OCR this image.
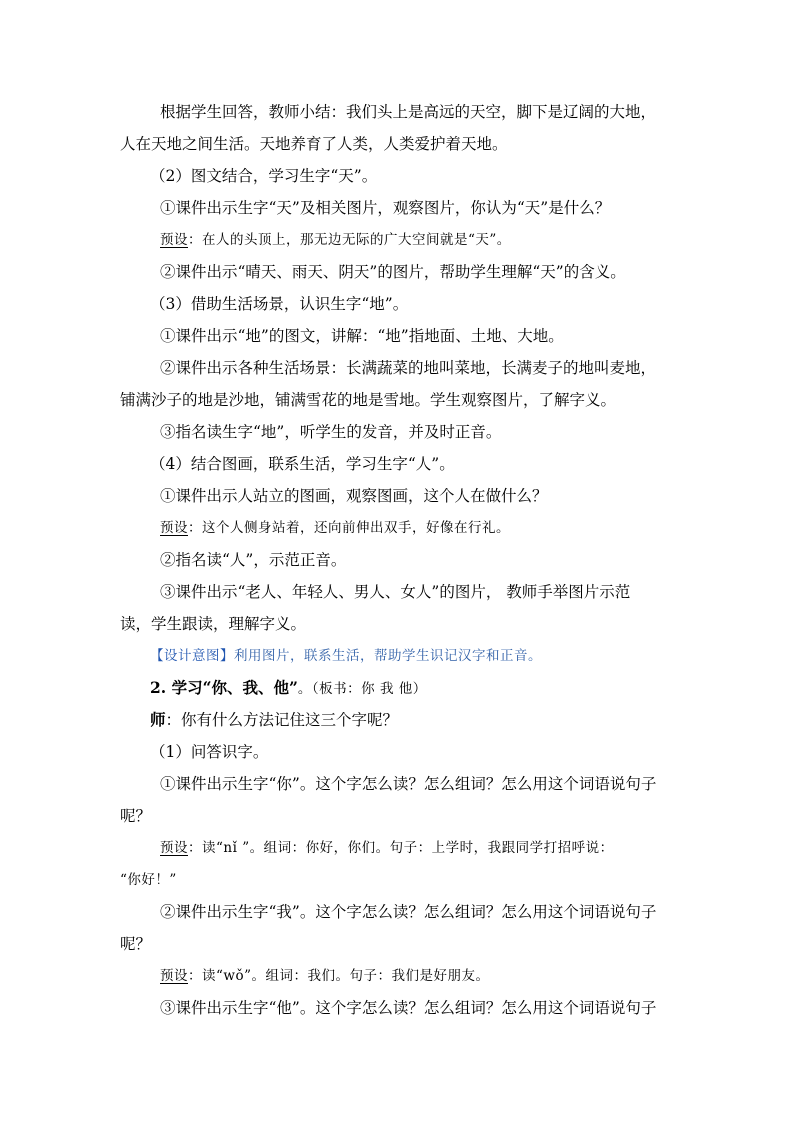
根据学生回答，教师小结：我们头上是高远的天空，脚下是辽阔的大地，
人在天地之间生活。天地养育了人类，人类爱护着天地。
（2）图文结合，学习生字“天”。
①课件出示生字“天”及相关图片，观察图片，你认为“天”是什么？
预设：在人的头顶上，那无边无际的广大空间就是“天”。
②课件出示“晴天、雨天、阴天”的图片，帮助学生理解“天”的含义。
（3）借助生活场景，认识生字“地”。
①课件出示“地”的图文，讲解：“地”指地面、土地、大地。
②课件出示各种生活场景：长满蔬菜的地叫菜地，长满麦子的地叫麦地，
铺满沙子的地是沙地，铺满雪花的地是雪地。学生观察图片，了解字义。
③指名读生字“地”，听学生的发音，并及时正音。
（4）结合图画，联系生活，学习生字“人”。
①课件出示人站立的图画，观察图画，这个人在做什么？
预设：这个人侧身站着，还向前伸出双手，好像在行礼。
②指名读“人”，示范正音。
③课件出示“老人、年轻人、男人、女人”的图片， 教师手举图片示范
读，学生跟读，理解字义。
【设计意图】利用图片，联系生活，帮助学生识记汉字和正音。
2. 学习“你、我、他”。（板书：你 我 他）
师：你有什么方法记住这三个字呢？
（1）问答识字。
①课件出示生字“你”。这个字怎么读？怎么组词？怎么用这个词语说句子
呢？
预设：读“nǐ ”。组词：你好，你们。句子：上学时，我跟同学打招呼说：
“你好！”
②课件出示生字“我”。这个字怎么读？怎么组词？怎么用这个词语说句子
呢？
预设：读“wǒ”。组词：我们。句子：我们是好朋友。
③课件出示生字“他”。这个字怎么读？怎么组词？怎么用这个词语说句子
